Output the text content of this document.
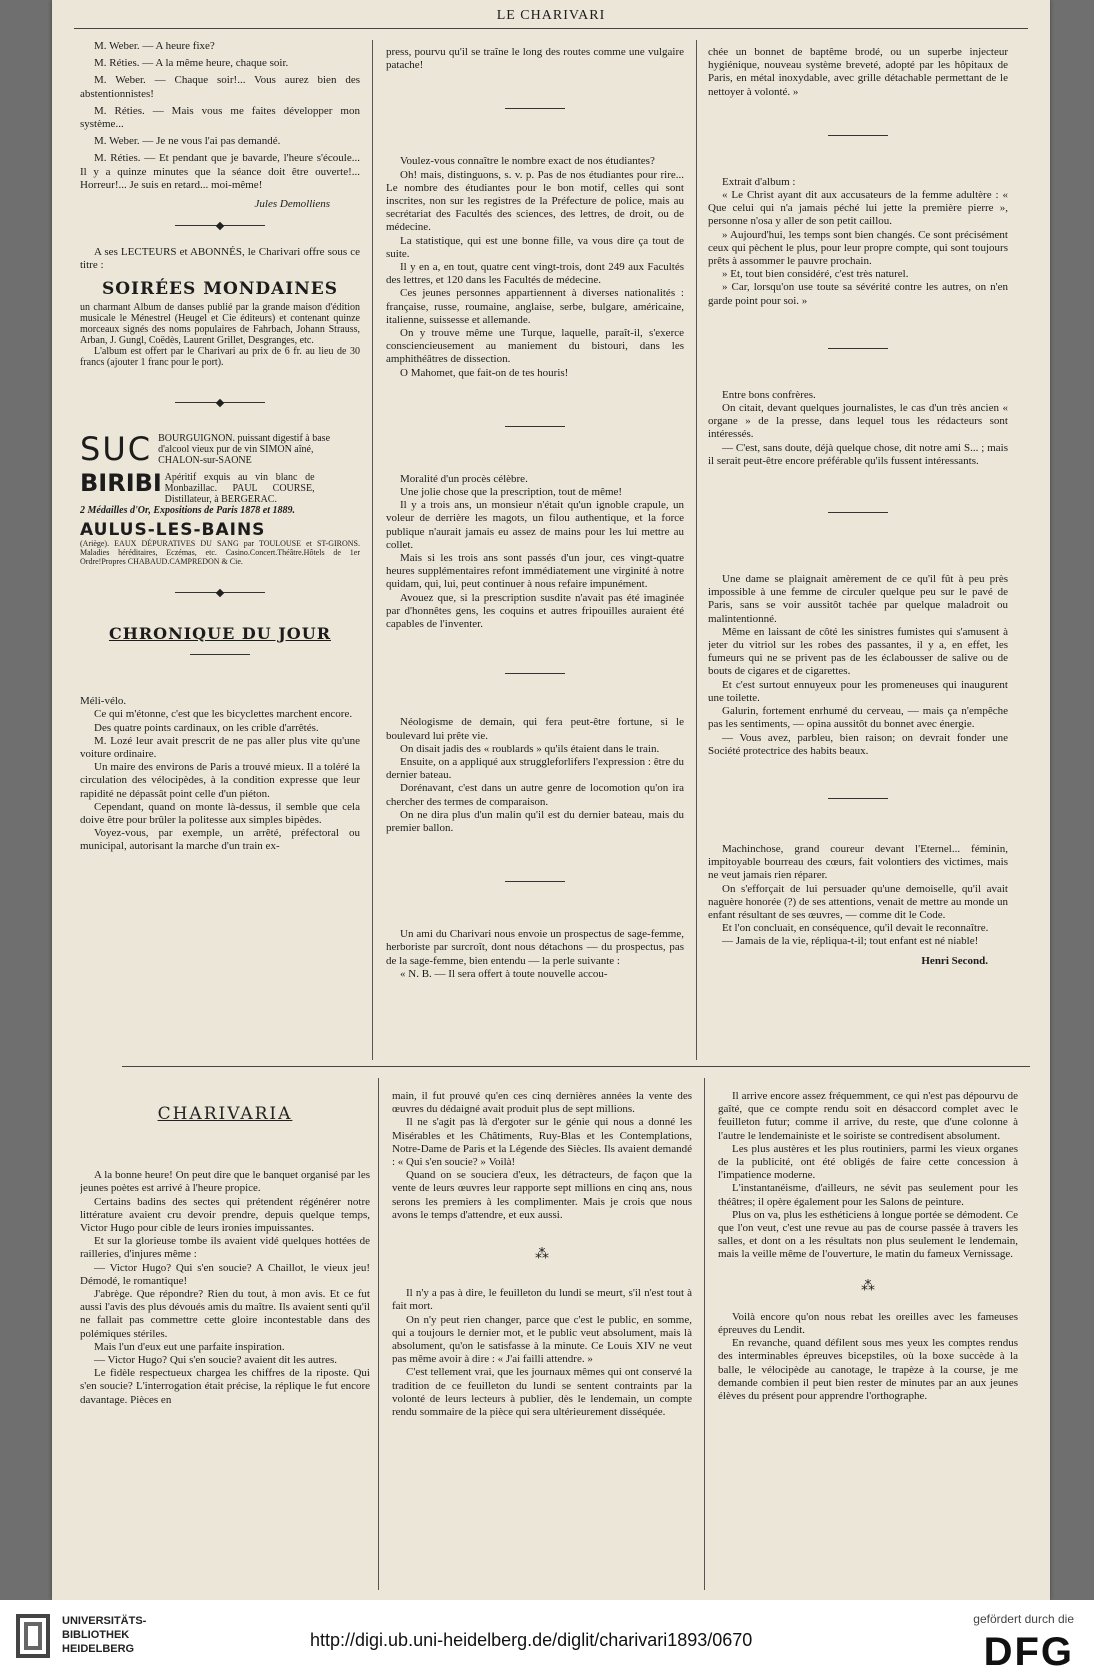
LE CHARIVARI

M. Weber. — A heure fixe?

M. Réties. — A la même heure, chaque soir.

M. Weber. — Chaque soir!... Vous aurez bien des abstentionnistes!

M. Réties. — Mais vous me faites développer mon système...

M. Weber. — Je ne vous l'ai pas demandé.

M. Réties. — Et pendant que je bavarde, l'heure s'écoule... Il y a quinze minutes que la séance doit être ouverte!... Horreur!... Je suis en retard... moi-même!

Jules Demolliens

A ses LECTEURS et ABONNÉS, le Charivari offre sous ce titre :

SOIRÉES MONDAINES

un charmant Album de danses publié par la grande maison d'édition musicale le Ménestrel (Heugel et Cie éditeurs) et contenant quinze morceaux signés des noms populaires de Fahrbach, Johann Strauss, Arban, J. Gungl, Coëdès, Laurent Grillet, Desgranges, etc.

L'album est offert par le Charivari au prix de 6 fr. au lieu de 30 francs (ajouter 1 franc pour le port).

SUC BOURGUIGNON. puissant digestif à base d'alcool vieux pur de vin SIMON aîné, CHALON-sur-SAONE
BIRIBI Apéritif exquis au vin blanc de Monbazillac. PAUL COURSE, Distillateur, à BERGERAC.
2 Médailles d'Or, Expositions de Paris 1878 et 1889.
AULUS-LES-BAINS
(Ariège). EAUX DÉPURATIVES DU SANG par TOULOUSE et ST-GIRONS. Maladies héréditaires, Eczémas, etc. Casino.Concert.Théâtre.Hôtels de 1er Ordre!Propres CHABAUD.CAMPREDON & Cie.
CHRONIQUE DU JOUR

Méli-vélo.

Ce qui m'étonne, c'est que les bicyclettes marchent encore.

Des quatre points cardinaux, on les crible d'arrêtés.

M. Lozé leur avait prescrit de ne pas aller plus vite qu'une voiture ordinaire.

Un maire des environs de Paris a trouvé mieux. Il a toléré la circulation des vélocipèdes, à la condition expresse que leur rapidité ne dépassât point celle d'un piéton.

Cependant, quand on monte là-dessus, il semble que cela doive être pour brûler la politesse aux simples bipèdes.

Voyez-vous, par exemple, un arrêté, préfectoral ou municipal, autorisant la marche d'un train ex-

press, pourvu qu'il se traîne le long des routes comme une vulgaire patache!

Voulez-vous connaître le nombre exact de nos étudiantes?

Oh! mais, distinguons, s. v. p. Pas de nos étudiantes pour rire... Le nombre des étudiantes pour le bon motif, celles qui sont inscrites, non sur les registres de la Préfecture de police, mais au secrétariat des Facultés des sciences, des lettres, de droit, ou de médecine.

La statistique, qui est une bonne fille, va vous dire ça tout de suite.

Il y en a, en tout, quatre cent vingt-trois, dont 249 aux Facultés des lettres, et 120 dans les Facultés de médecine.

Ces jeunes personnes appartiennent à diverses nationalités : française, russe, roumaine, anglaise, serbe, bulgare, américaine, italienne, suissesse et allemande.

On y trouve même une Turque, laquelle, paraît-il, s'exerce consciencieusement au maniement du bistouri, dans les amphithéâtres de dissection.

O Mahomet, que fait-on de tes houris!

Moralité d'un procès célèbre.

Une jolie chose que la prescription, tout de même!

Il y a trois ans, un monsieur n'était qu'un ignoble crapule, un voleur de derrière les magots, un filou authentique, et la force publique n'aurait jamais eu assez de mains pour les lui mettre au collet.

Mais si les trois ans sont passés d'un jour, ces vingt-quatre heures supplémentaires refont immédiatement une virginité à notre quidam, qui, lui, peut continuer à nous refaire impunément.

Avouez que, si la prescription susdite n'avait pas été imaginée par d'honnêtes gens, les coquins et autres fripouilles auraient été capables de l'inventer.

Néologisme de demain, qui fera peut-être fortune, si le boulevard lui prête vie.

On disait jadis des « roublards » qu'ils étaient dans le train.

Ensuite, on a appliqué aux struggleforlifers l'expression : être du dernier bateau.

Dorénavant, c'est dans un autre genre de locomotion qu'on ira chercher des termes de comparaison.

On ne dira plus d'un malin qu'il est du dernier bateau, mais du premier ballon.

Un ami du Charivari nous envoie un prospectus de sage-femme, herboriste par surcroît, dont nous détachons — du prospectus, pas de la sage-femme, bien entendu — la perle suivante :

« N. B. — Il sera offert à toute nouvelle accou-

chée un bonnet de baptême brodé, ou un superbe injecteur hygiénique, nouveau système breveté, adopté par les hôpitaux de Paris, en métal inoxydable, avec grille détachable permettant de le nettoyer à volonté. »

Extrait d'album :

« Le Christ ayant dit aux accusateurs de la femme adultère : « Que celui qui n'a jamais péché lui jette la première pierre », personne n'osa y aller de son petit caillou.

» Aujourd'hui, les temps sont bien changés. Ce sont précisément ceux qui pèchent le plus, pour leur propre compte, qui sont toujours prêts à assommer le pauvre prochain.

» Et, tout bien considéré, c'est très naturel.

» Car, lorsqu'on use toute sa sévérité contre les autres, on n'en garde point pour soi. »

Entre bons confrères.

On citait, devant quelques journalistes, le cas d'un très ancien « organe » de la presse, dans lequel tous les rédacteurs sont intéressés.

— C'est, sans doute, déjà quelque chose, dit notre ami S... ; mais il serait peut-être encore préférable qu'ils fussent intéressants.

Une dame se plaignait amèrement de ce qu'il fût à peu près impossible à une femme de circuler quelque peu sur le pavé de Paris, sans se voir aussitôt tachée par quelque maladroit ou malintentionné.

Même en laissant de côté les sinistres fumistes qui s'amusent à jeter du vitriol sur les robes des passantes, il y a, en effet, les fumeurs qui ne se privent pas de les éclabousser de salive ou de bouts de cigares et de cigarettes.

Et c'est surtout ennuyeux pour les promeneuses qui inaugurent une toilette.

Galurin, fortement enrhumé du cerveau, — mais ça n'empêche pas les sentiments, — opina aussitôt du bonnet avec énergie.

— Vous avez, parbleu, bien raison; on devrait fonder une Société protectrice des habits beaux.

Machinchose, grand coureur devant l'Eternel... féminin, impitoyable bourreau des cœurs, fait volontiers des victimes, mais ne veut jamais rien réparer.

On s'efforçait de lui persuader qu'une demoiselle, qu'il avait naguère honorée (?) de ses attentions, venait de mettre au monde un enfant résultant de ses œuvres, — comme dit le Code.

Et l'on concluait, en conséquence, qu'il devait le reconnaître.

— Jamais de la vie, répliqua-t-il; tout enfant est né niable!

Henri Second.

CHARIVARIA

A la bonne heure! On peut dire que le banquet organisé par les jeunes poètes est arrivé à l'heure propice.

Certains badins des sectes qui prétendent régénérer notre littérature avaient cru devoir prendre, depuis quelque temps, Victor Hugo pour cible de leurs ironies impuissantes.

Et sur la glorieuse tombe ils avaient vidé quelques hottées de railleries, d'injures même :

— Victor Hugo? Qui s'en soucie? A Chaillot, le vieux jeu! Démodé, le romantique!

J'abrège. Que répondre? Rien du tout, à mon avis. Et ce fut aussi l'avis des plus dévoués amis du maître. Ils avaient senti qu'il ne fallait pas commettre cette gloire incontestable dans des polémiques stériles.

Mais l'un d'eux eut une parfaite inspiration.

— Victor Hugo? Qui s'en soucie? avaient dit les autres.

Le fidèle respectueux chargea les chiffres de la riposte. Qui s'en soucie? L'interrogation était précise, la réplique le fut encore davantage. Pièces en

main, il fut prouvé qu'en ces cinq dernières années la vente des œuvres du dédaigné avait produit plus de sept millions.

Il ne s'agit pas là d'ergoter sur le génie qui nous a donné les Misérables et les Châtiments, Ruy-Blas et les Contemplations, Notre-Dame de Paris et la Légende des Siècles. Ils avaient demandé : « Qui s'en soucie? » Voilà!

Quand on se souciera d'eux, les détracteurs, de façon que la vente de leurs œuvres leur rapporte sept millions en cinq ans, nous serons les premiers à les complimenter. Mais je crois que nous avons le temps d'attendre, et eux aussi.

⁂

Il n'y a pas à dire, le feuilleton du lundi se meurt, s'il n'est tout à fait mort.

On n'y peut rien changer, parce que c'est le public, en somme, qui a toujours le dernier mot, et le public veut absolument, mais là absolument, qu'on le satisfasse à la minute. Ce Louis XIV ne veut pas même avoir à dire : « J'ai failli attendre. »

C'est tellement vrai, que les journaux mêmes qui ont conservé la tradition de ce feuilleton du lundi se sentent contraints par la volonté de leurs lecteurs à publier, dès le lendemain, un compte rendu sommaire de la pièce qui sera ultérieurement disséquée.

Il arrive encore assez fréquemment, ce qui n'est pas dépourvu de gaîté, que ce compte rendu soit en désaccord complet avec le feuilleton futur; comme il arrive, du reste, que d'une colonne à l'autre le lendemainiste et le soiriste se contredisent absolument.

Les plus austères et les plus routiniers, parmi les vieux organes de la publicité, ont été obligés de faire cette concession à l'impatience moderne.

L'instantanéisme, d'ailleurs, ne sévit pas seulement pour les théâtres; il opère également pour les Salons de peinture.

Plus on va, plus les esthéticiens à longue portée se démodent. Ce que l'on veut, c'est une revue au pas de course passée à travers les salles, et dont on a les résultats non plus seulement le lendemain, mais la veille même de l'ouverture, le matin du fameux Vernissage.

⁂

Voilà encore qu'on nous rebat les oreilles avec les fameuses épreuves du Lendit.

En revanche, quand défilent sous mes yeux les comptes rendus des interminables épreuves bicepstiles, où la boxe succède à la balle, le vélocipède au canotage, le trapèze à la course, je me demande combien il peut bien rester de minutes par an aux jeunes élèves du présent pour apprendre l'orthographe.

UNIVERSITÄTS-
BIBLIOTHEK
HEIDELBERG	http://digi.ub.uni-heidelberg.de/diglit/charivari1893/0670
gefördert durch die
DFG
